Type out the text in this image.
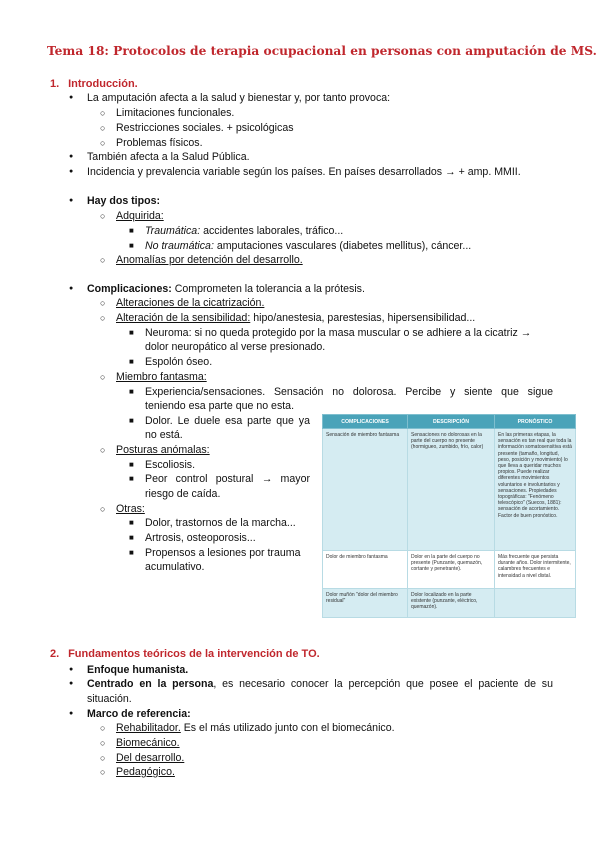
Tema 18: Protocolos de terapia ocupacional en personas con amputación de MS.
1. Introducción.
● La amputación afecta a la salud y bienestar y, por tanto provoca:
○ Limitaciones funcionales.
○ Restricciones sociales. + psicológicas
○ Problemas físicos.
● También afecta a la Salud Pública.
● Incidencia y prevalencia variable según los países. En países desarrollados → + amp. MMII.
● Hay dos tipos:
○ Adquirida:
■ Traumática: accidentes laborales, tráfico...
■ No traumática: amputaciones vasculares (diabetes mellitus), cáncer...
○ Anomalías por detención del desarrollo.
● Complicaciones: Comprometen la tolerancia a la prótesis.
○ Alteraciones de la cicatrización.
○ Alteración de la sensibilidad: hipo/anestesia, parestesias, hipersensibilidad...
■ Neuroma: si no queda protegido por la masa muscular o se adhiere a la cicatriz →
dolor neuropático al verse presionado.
■ Espolón óseo.
○ Miembro fantasma:
■ Experiencia/sensaciones. Sensación no dolorosa. Percibe y siente que sigue
teniendo esa parte que no esta.
■ Dolor. Le duele esa parte que ya
no está.
○ Posturas anómalas:
■ Escoliosis.
■ Peor control postural → mayor
riesgo de caída.
○ Otras:
■ Dolor, trastornos de la marcha...
■ Artrosis, osteoporosis...
■ Propensos a lesiones por trauma
acumulativo.
COMPLICACIONES	DESCRIPCIÓN	PRONÓSTICO
Sensación de miembro fantasma	Sensaciones no dolorosas en la parte del cuerpo no presente (hormigueo, zumbido, frío, calor)	En las primeras etapas, la sensación es tan real que toda la información somatosensitiva está presente (tamaño, longitud, peso, posición y movimiento) lo que lleva a queridar muchos propios. Puede realizar diferentes movimientos voluntarios e involuntarios y sensaciones. Propiedades topográficas: "Fenómeno telescópico" (Suecos, 1881): sensación de acortamiento. Factor de buen pronóstico.
Dolor de miembro fantasma	Dolor en la parte del cuerpo no presente (Punzante, quemazón, cortante y penetrante).	Más frecuente que persista durante años. Dolor intermitente, calambres frecuentes e intensidad a nivel distal.
Dolor muñón "dolor del miembro residual"	Dolor localizado en la parte existente (punzante, eléctrico, quemazón).	
2. Fundamentos teóricos de la intervención de TO.
● Enfoque humanista.
● Centrado en la persona, es necesario conocer la percepción que posee el paciente de su
situación.
● Marco de referencia:
○ Rehabilitador. Es el más utilizado junto con el biomecánico.
○ Biomecánico.
○ Del desarrollo.
○ Pedagógico.
